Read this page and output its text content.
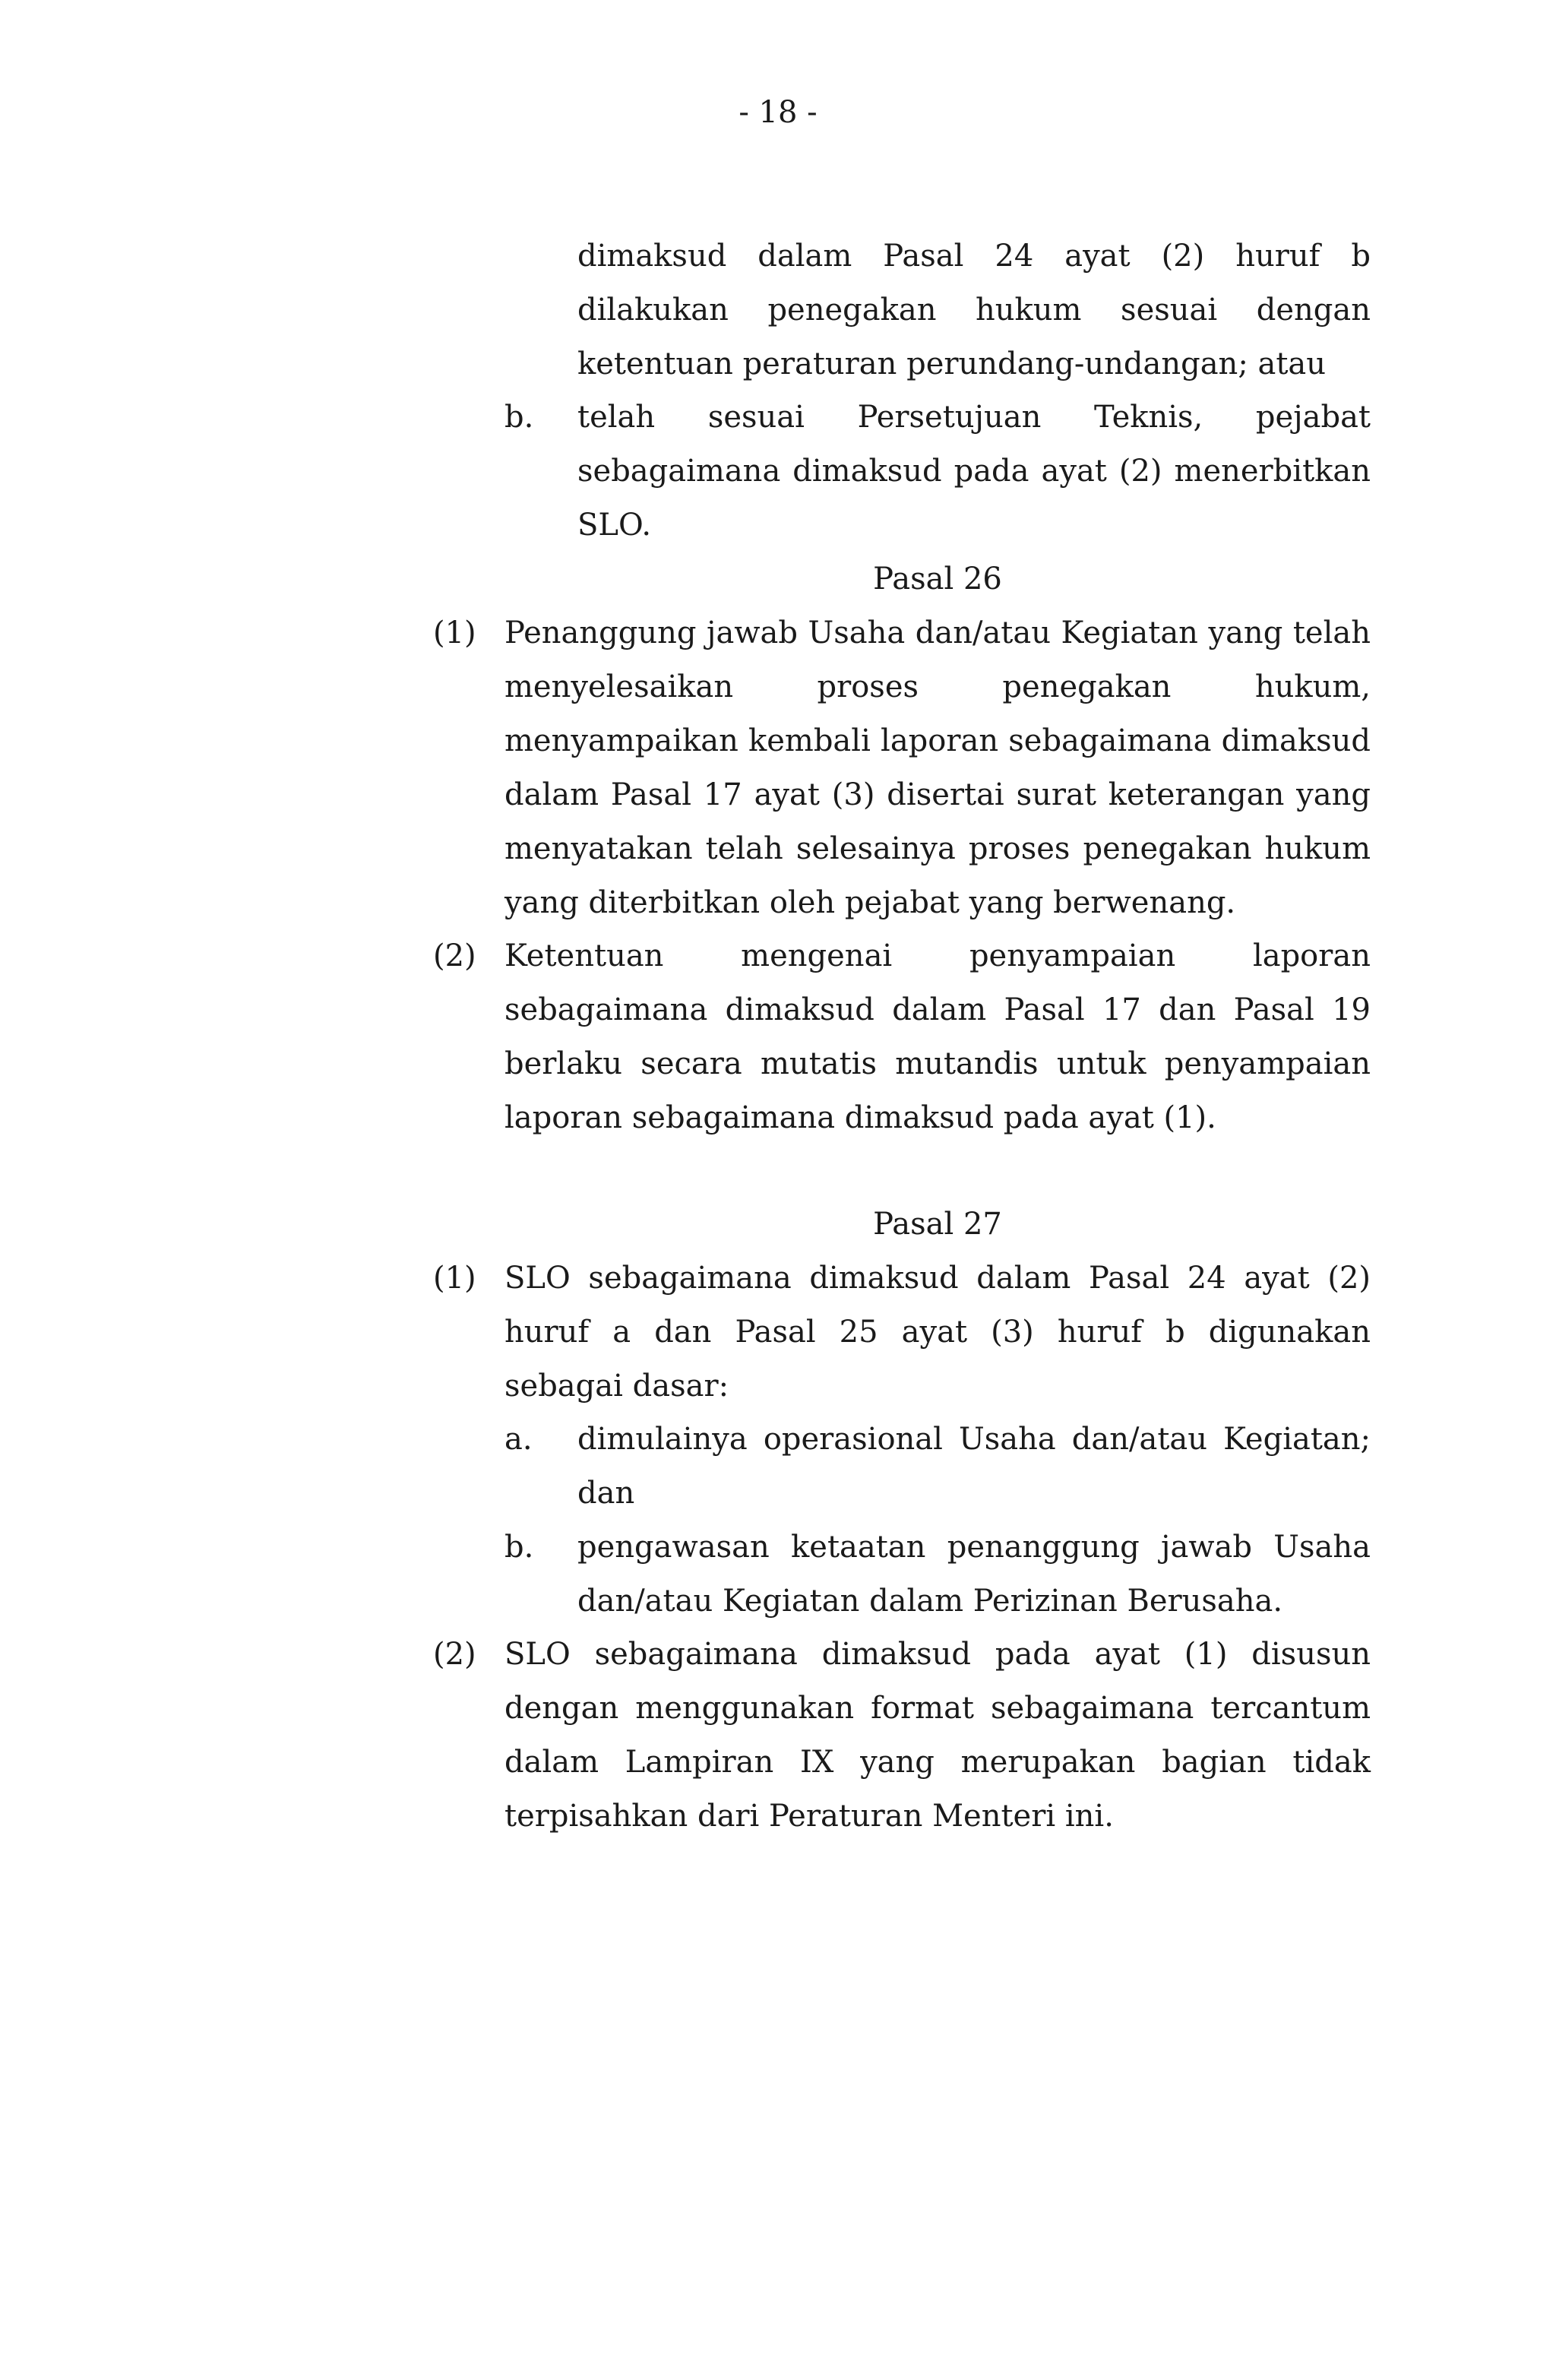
- 18 -
dimaksud dalam Pasal 24 ayat (2) huruf b dilakukan penegakan hukum sesuai dengan ketentuan peraturan perundang-undangan; atau
b. telah sesuai Persetujuan Teknis, pejabat sebagaimana dimaksud pada ayat (2) menerbitkan SLO.
Pasal 26
(1) Penanggung jawab Usaha dan/atau Kegiatan yang telah menyelesaikan proses penegakan hukum, menyampaikan kembali laporan sebagaimana dimaksud dalam Pasal 17 ayat (3) disertai surat keterangan yang menyatakan telah selesainya proses penegakan hukum yang diterbitkan oleh pejabat yang berwenang.
(2) Ketentuan mengenai penyampaian laporan sebagaimana dimaksud dalam Pasal 17 dan Pasal 19 berlaku secara mutatis mutandis untuk penyampaian laporan sebagaimana dimaksud pada ayat (1).
Pasal 27
(1) SLO sebagaimana dimaksud dalam Pasal 24 ayat (2) huruf a dan Pasal 25 ayat (3) huruf b digunakan sebagai dasar:
a. dimulainya operasional Usaha dan/atau Kegiatan; dan
b. pengawasan ketaatan penanggung jawab Usaha dan/atau Kegiatan dalam Perizinan Berusaha.
(2) SLO sebagaimana dimaksud pada ayat (1) disusun dengan menggunakan format sebagaimana tercantum dalam Lampiran IX yang merupakan bagian tidak terpisahkan dari Peraturan Menteri ini.
